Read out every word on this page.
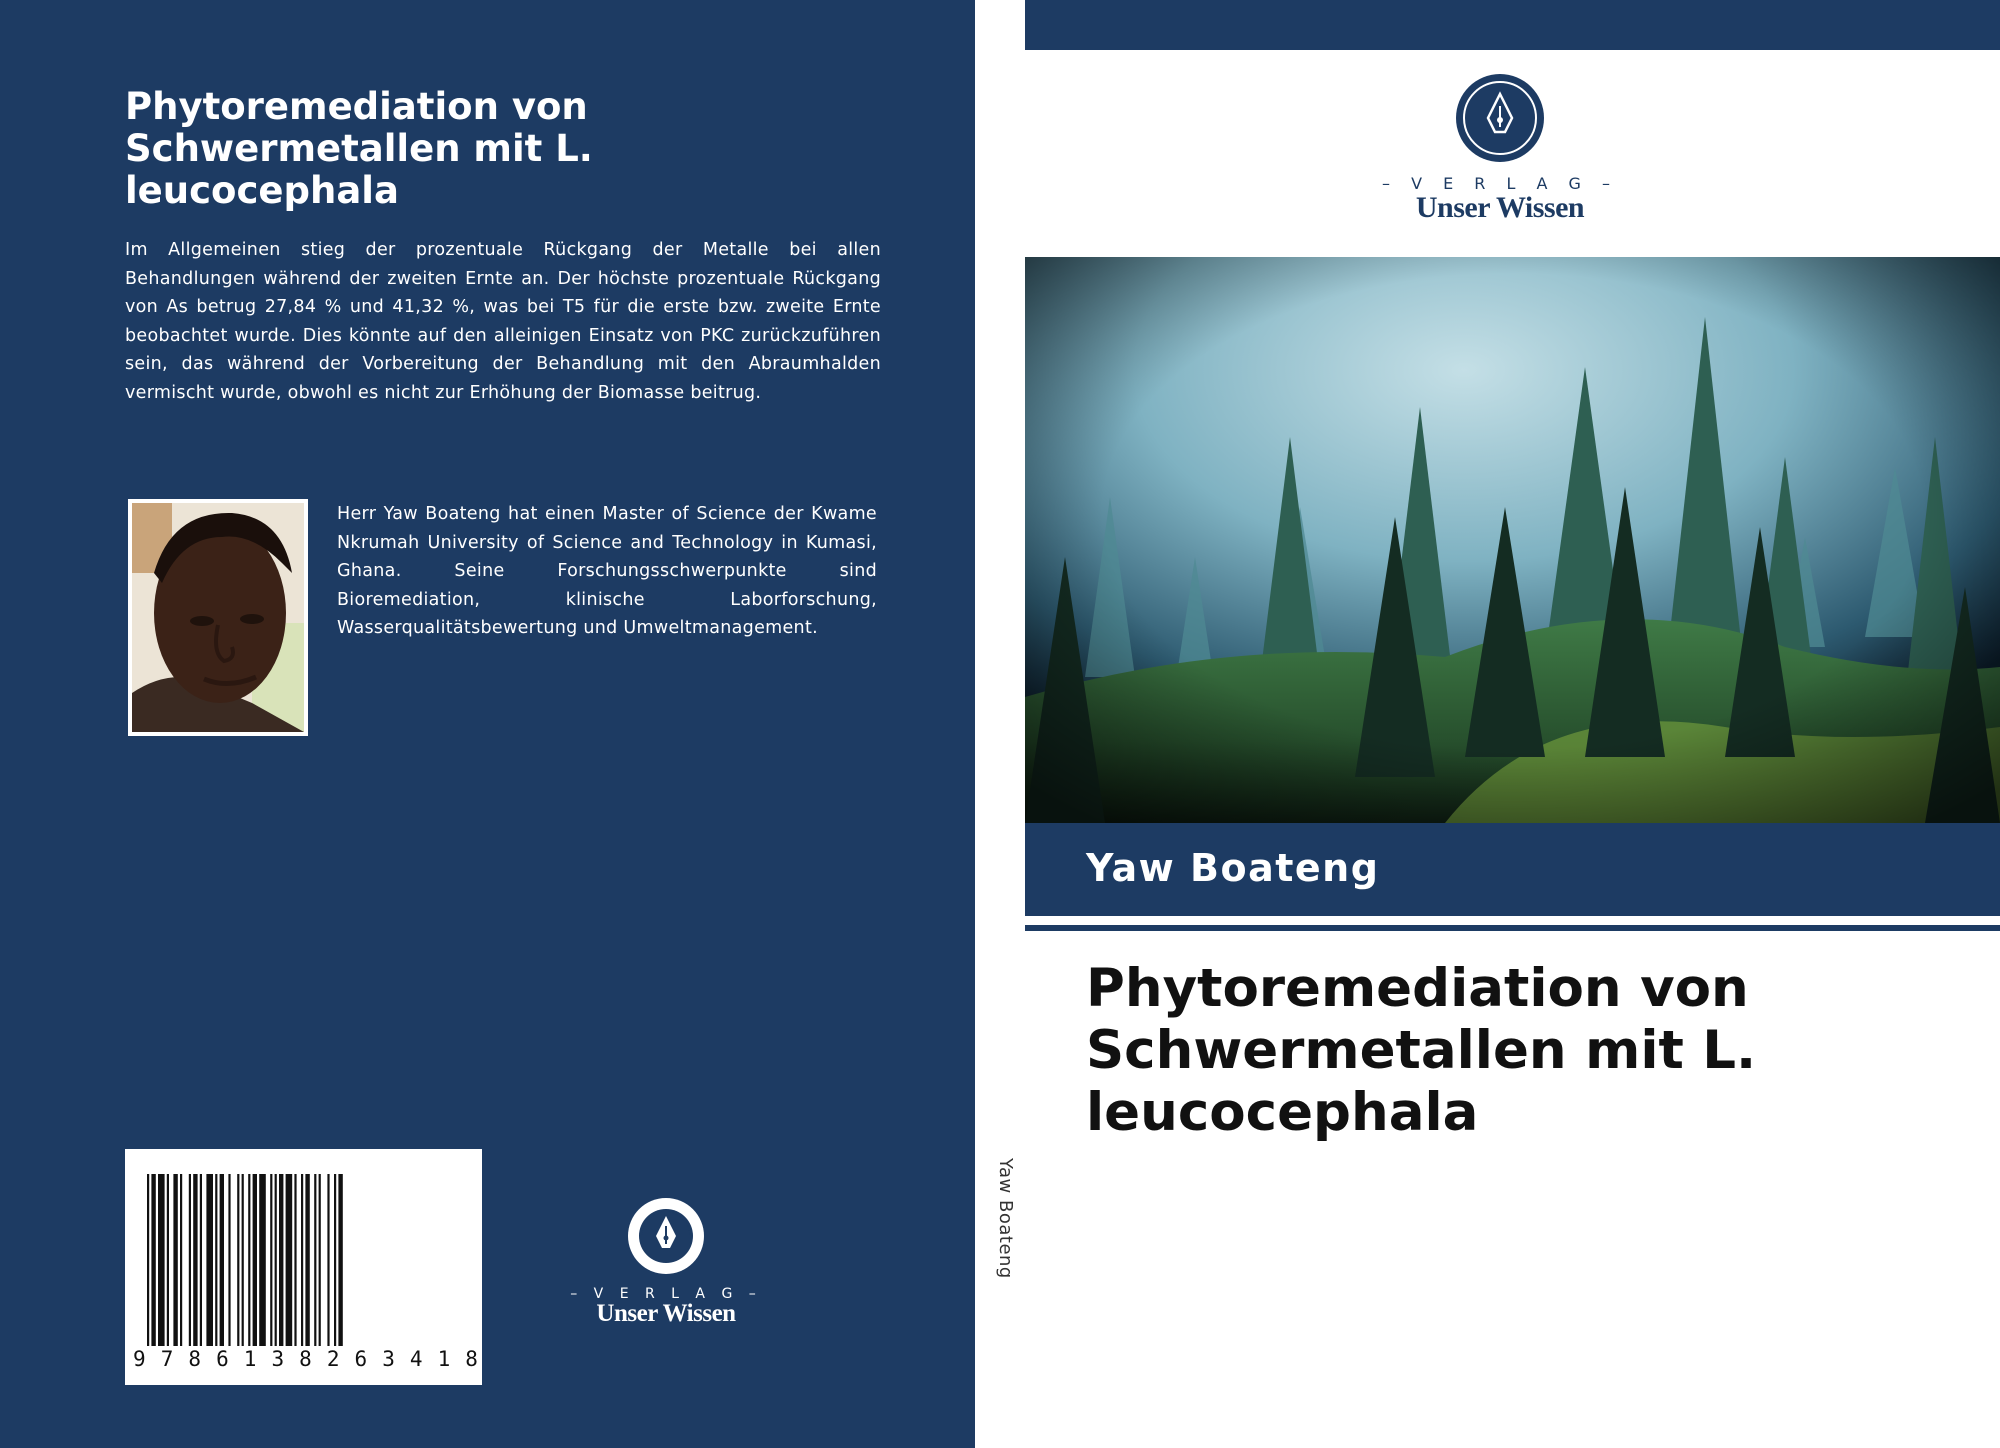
Phytoremediation von Schwermetallen mit L. leucocephala

Im Allgemeinen stieg der prozentuale Rückgang der Metalle bei allen Behandlungen während der zweiten Ernte an. Der höchste prozentuale Rückgang von As betrug 27,84 % und 41,32 %, was bei T5 für die erste bzw. zweite Ernte beobachtet wurde. Dies könnte auf den alleinigen Einsatz von PKC zurückzuführen sein, das während der Vorbereitung der Behandlung mit den Abraumhalden vermischt wurde, obwohl es nicht zur Erhöhung der Biomasse beitrug.

Herr Yaw Boateng hat einen Master of Science der Kwame Nkrumah University of Science and Technology in Kumasi, Ghana. Seine Forschungsschwerpunkte sind Bioremediation, klinische Laborforschung, Wasserqualitätsbewertung und Umweltmanagement.

9 7 8 6 1 3 8 2 6 3 4 1 8
– V E R L A G –
Unser Wissen
Yaw Boateng
– V E R L A G –
Unser Wissen
Yaw Boateng
Phytoremediation von Schwermetallen mit L. leucocephala
